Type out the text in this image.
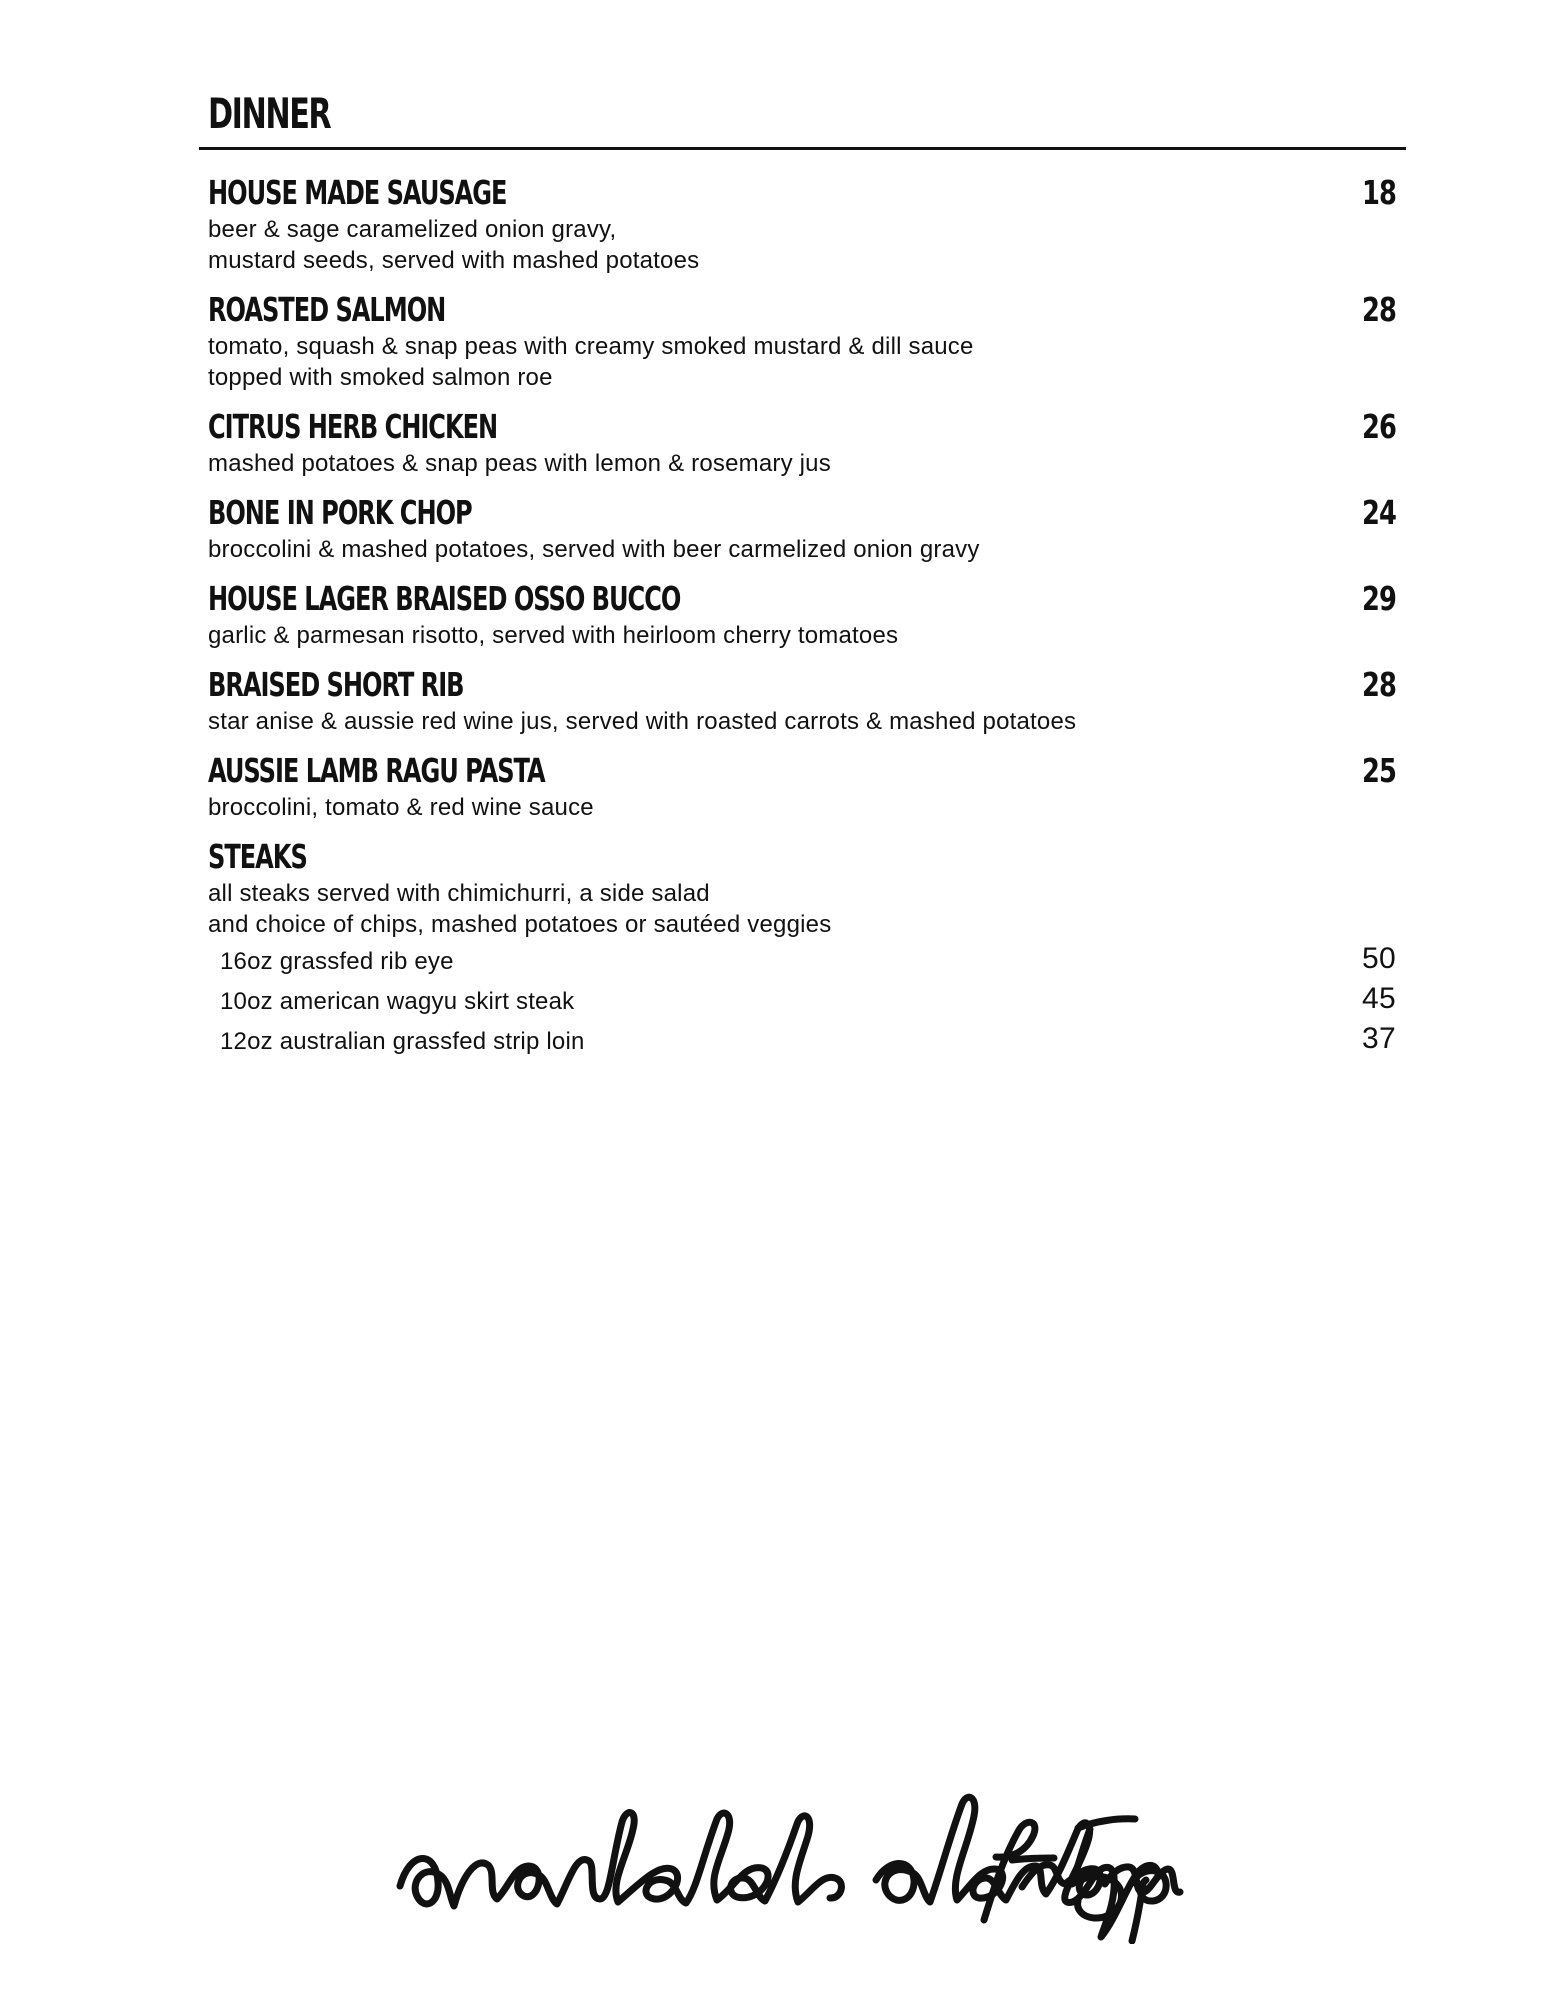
DINNER
HOUSE MADE SAUSAGE	18
beer & sage caramelized onion gravy,
mustard seeds, served with mashed potatoes
ROASTED SALMON	28
tomato, squash & snap peas with creamy smoked mustard & dill sauce
topped with smoked salmon roe
CITRUS HERB CHICKEN	26
mashed potatoes & snap peas with lemon & rosemary jus
BONE IN PORK CHOP	24
broccolini & mashed potatoes, served with beer carmelized onion gravy
HOUSE LAGER BRAISED OSSO BUCCO	29
garlic & parmesan risotto, served with heirloom cherry tomatoes
BRAISED SHORT RIB	28
star anise & aussie red wine jus, served with roasted carrots & mashed potatoes
AUSSIE LAMB RAGU PASTA	25
broccolini, tomato & red wine sauce
STEAKS
all steaks served with chimichurri, a side salad
and choice of chips, mashed potatoes or sautéed veggies
16oz grassfed rib eye	50
10oz american wagyu skirt steak	45
12oz australian grassfed strip loin	37
